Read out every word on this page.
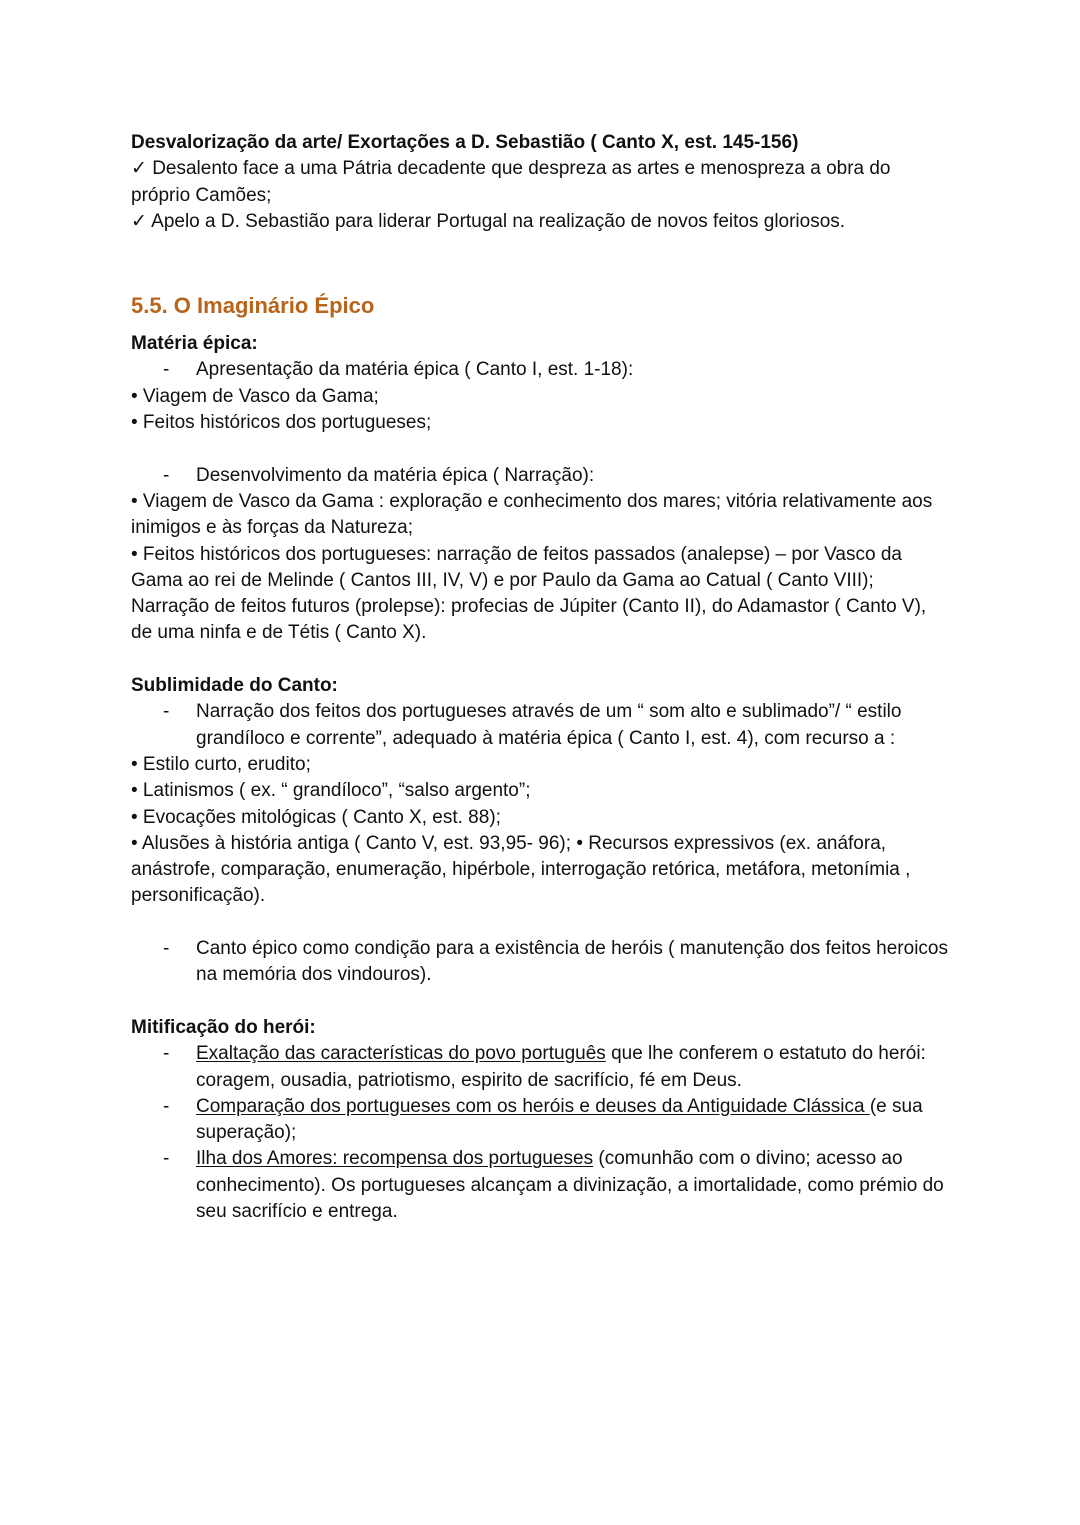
Desvalorização da arte/ Exortações a D. Sebastião ( Canto X, est. 145-156)
✓ Desalento face a uma Pátria decadente que despreza as artes e menospreza a obra do próprio Camões;
✓ Apelo a D. Sebastião para liderar Portugal na realização de novos feitos gloriosos.
5.5. O Imaginário Épico
Matéria épica:
- Apresentação da matéria épica ( Canto I, est. 1-18):
• Viagem de Vasco da Gama;
• Feitos históricos dos portugueses;
- Desenvolvimento da matéria épica ( Narração):
• Viagem de Vasco da Gama : exploração e conhecimento dos mares; vitória relativamente aos inimigos e às forças da Natureza;
• Feitos históricos dos portugueses: narração de feitos passados (analepse) – por Vasco da Gama ao rei de Melinde ( Cantos III, IV, V) e por Paulo da Gama ao Catual ( Canto VIII); Narração de feitos futuros (prolepse): profecias de Júpiter (Canto II), do Adamastor ( Canto V), de uma ninfa e de Tétis ( Canto X).
Sublimidade do Canto:
- Narração dos feitos dos portugueses através de um “ som alto e sublimado”/ “ estilo grandíloco e corrente”, adequado à matéria épica ( Canto I, est. 4), com recurso a :
• Estilo curto, erudito;
• Latinismos ( ex. “ grandíloco”, “salso argento”;
• Evocações mitológicas ( Canto X, est. 88);
• Alusões à história antiga ( Canto V, est. 93,95- 96); • Recursos expressivos (ex. anáfora, anástrofe, comparação, enumeração, hipérbole, interrogação retórica, metáfora, metonímia , personificação).
- Canto épico como condição para a existência de heróis ( manutenção dos feitos heroicos na memória dos vindouros).
Mitificação do herói:
- Exaltação das características do povo português que lhe conferem o estatuto do herói: coragem, ousadia, patriotismo, espirito de sacrifício, fé em Deus.
- Comparação dos portugueses com os heróis e deuses da Antiguidade Clássica (e sua superação);
- Ilha dos Amores: recompensa dos portugueses (comunhão com o divino; acesso ao conhecimento). Os portugueses alcançam a divinização, a imortalidade, como prémio do seu sacrifício e entrega.
